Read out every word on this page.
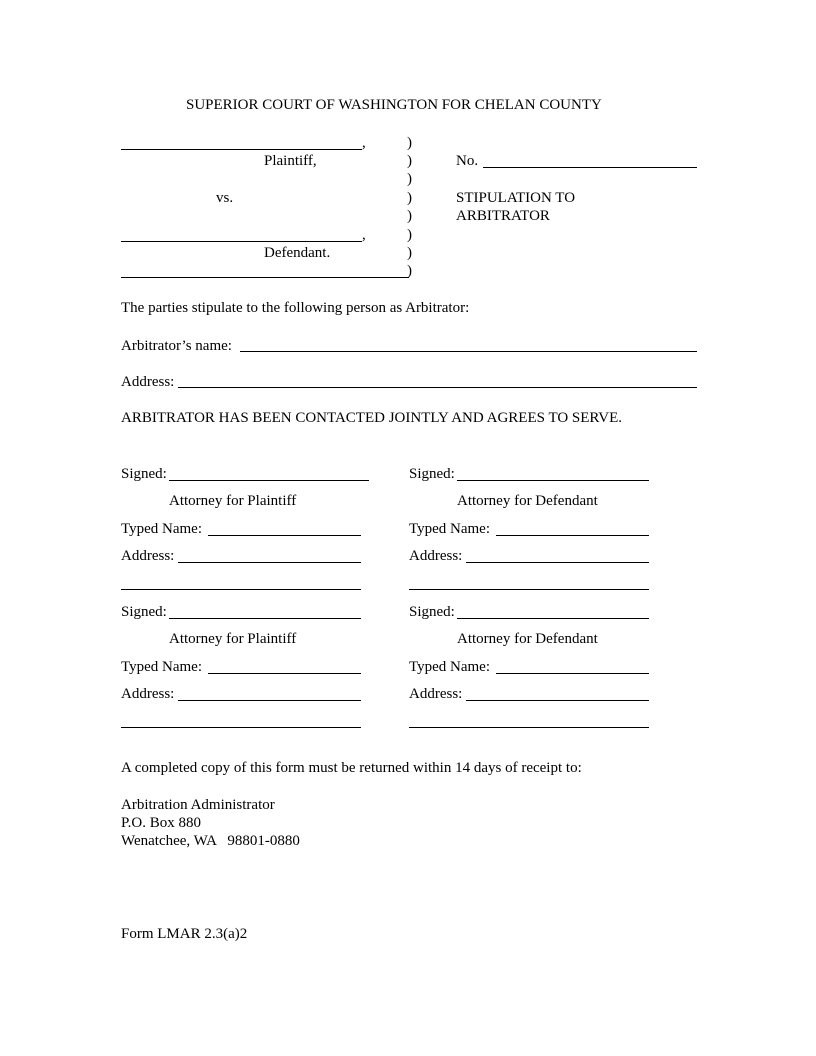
SUPERIOR COURT OF WASHINGTON FOR CHELAN COUNTY
,
Plaintiff,
vs.
,
Defendant.
)
)
)
)
)
)
)
)
No.
STIPULATION TO
ARBITRATOR
The parties stipulate to the following person as Arbitrator:
Arbitrator’s name:
Address:
ARBITRATOR HAS BEEN CONTACTED JOINTLY AND AGREES TO SERVE.
Signed:
Attorney for Plaintiff
Typed Name:
Address:
Signed:
Attorney for Defendant
Typed Name:
Address:
Signed:
Attorney for Plaintiff
Typed Name:
Address:
Signed:
Attorney for Defendant
Typed Name:
Address:
A completed copy of this form must be returned within 14 days of receipt to:
Arbitration Administrator
P.O. Box 880
Wenatchee, WA   98801-0880
Form LMAR 2.3(a)2
